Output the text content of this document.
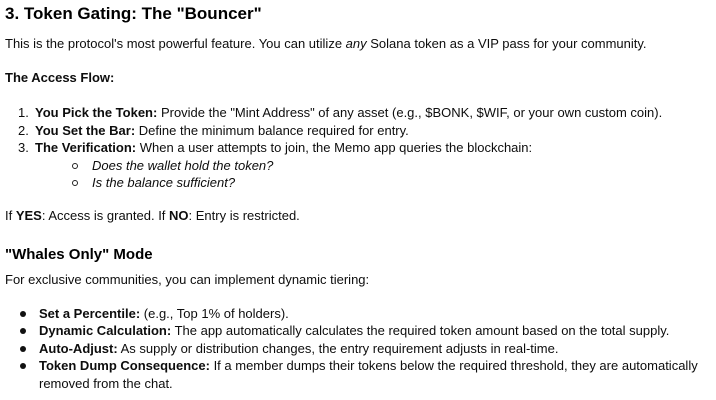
3. Token Gating: The "Bouncer"

This is the protocol's most powerful feature. You can utilize any Solana token as a VIP pass for your community.

The Access Flow:

1. You Pick the Token: Provide the "Mint Address" of any asset (e.g., $BONK, $WIF, or your own custom coin).
2. You Set the Bar: Define the minimum balance required for entry.
3. The Verification: When a user attempts to join, the Memo app queries the blockchain:
Does the wallet hold the token?
Is the balance sufficient?

If YES: Access is granted. If NO: Entry is restricted.

"Whales Only" Mode

For exclusive communities, you can implement dynamic tiering:

Set a Percentile: (e.g., Top 1% of holders).
Dynamic Calculation: The app automatically calculates the required token amount based on the total supply.
Auto-Adjust: As supply or distribution changes, the entry requirement adjusts in real-time.
Token Dump Consequence: If a member dumps their tokens below the required threshold, they are automatically removed from the chat.
